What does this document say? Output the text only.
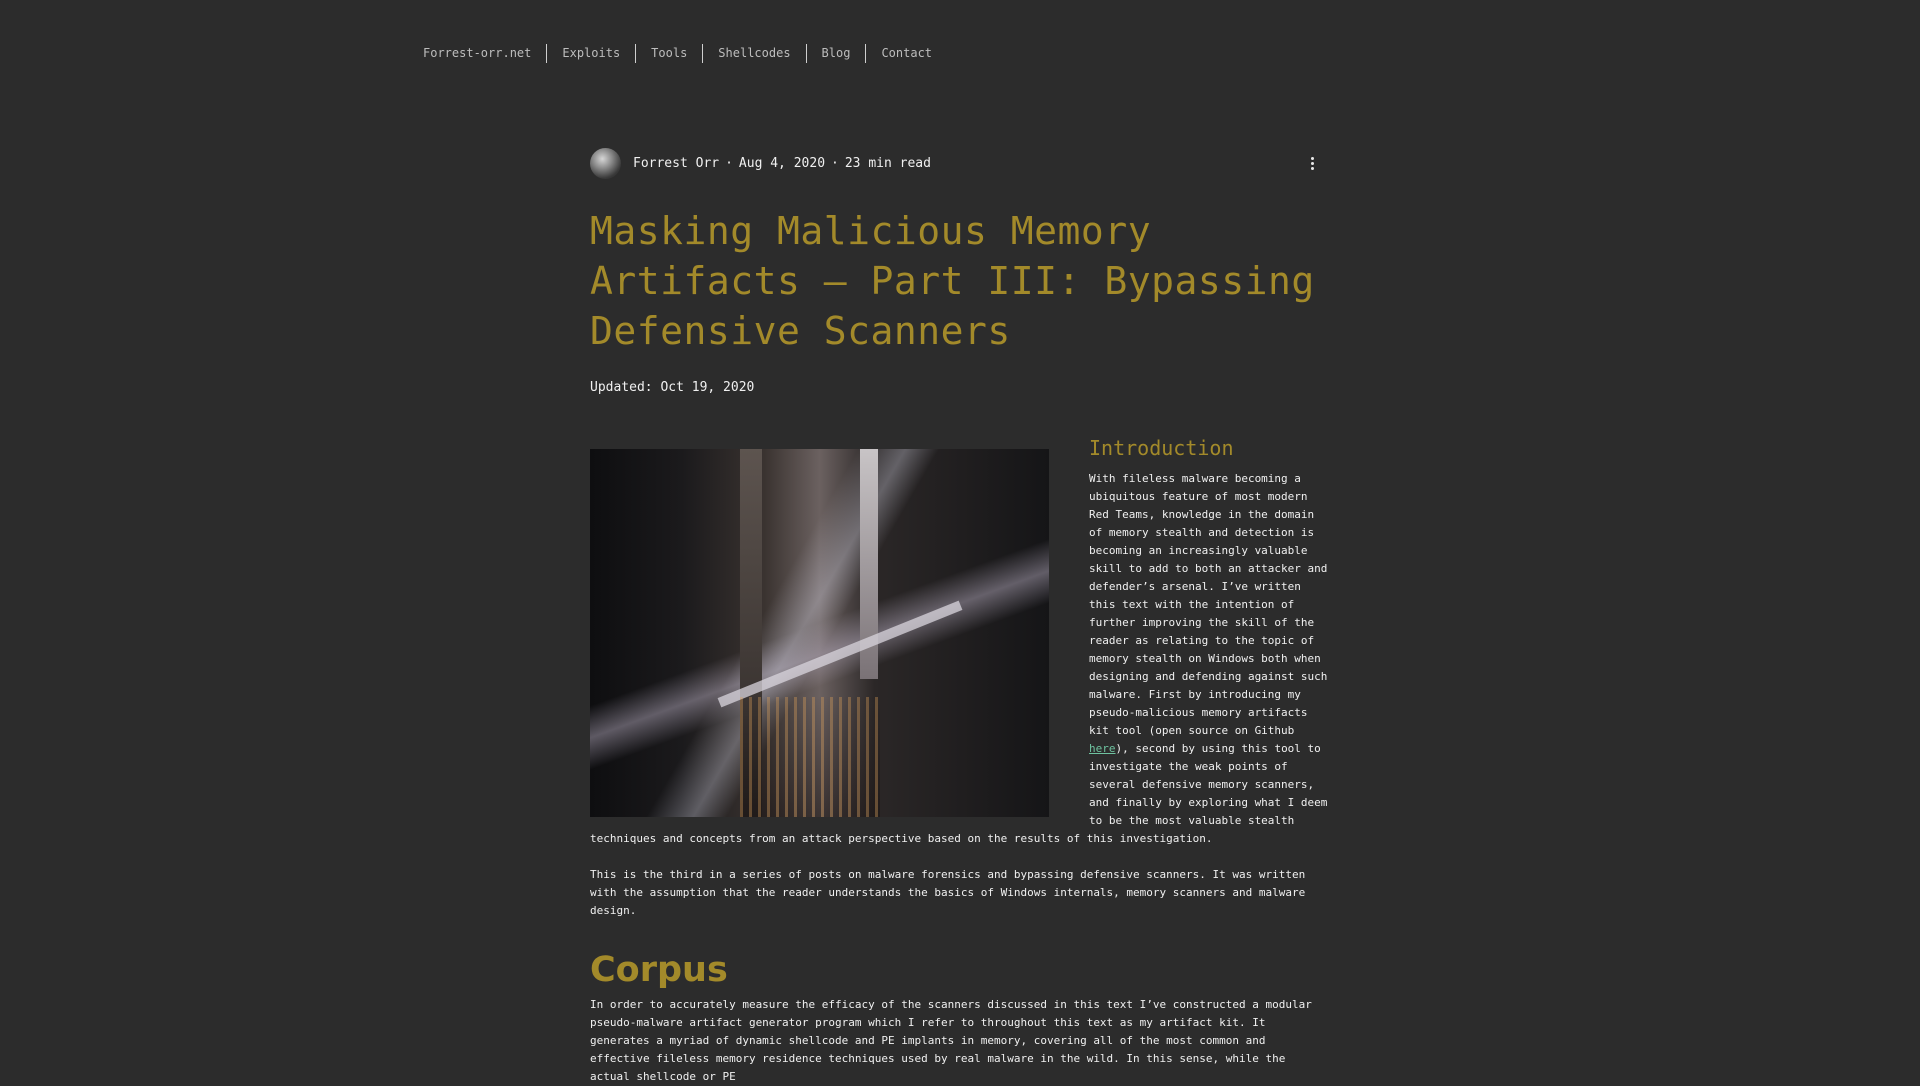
Forrest-orr.net	Exploits	Tools	Shellcodes	Blog	Contact
Forrest Orr · Aug 4, 2020 · 23 min read
Masking Malicious Memory Artifacts – Part III: Bypassing Defensive Scanners
Updated: Oct 19, 2020
Introduction

With fileless malware becoming a ubiquitous feature of most modern Red Teams, knowledge in the domain of memory stealth and detection is becoming an increasingly valuable skill to add to both an attacker and defender’s arsenal. I’ve written this text with the intention of further improving the skill of the reader as relating to the topic of memory stealth on Windows both when designing and defending against such malware. First by introducing my pseudo-malicious memory artifacts kit tool (open source on Github here), second by using this tool to investigate the weak points of several defensive memory scanners, and finally by exploring what I deem to be the most valuable stealth techniques and concepts from an attack perspective based on the results of this investigation.

This is the third in a series of posts on malware forensics and bypassing defensive scanners. It was written with the assumption that the reader understands the basics of Windows internals, memory scanners and malware design.

Corpus

In order to accurately measure the efficacy of the scanners discussed in this text I’ve constructed a modular pseudo-malware artifact generator program which I refer to throughout this text as my artifact kit. It generates a myriad of dynamic shellcode and PE implants in memory, covering all of the most common and effective fileless memory residence techniques used by real malware in the wild. In this sense, while the actual shellcode or PE
